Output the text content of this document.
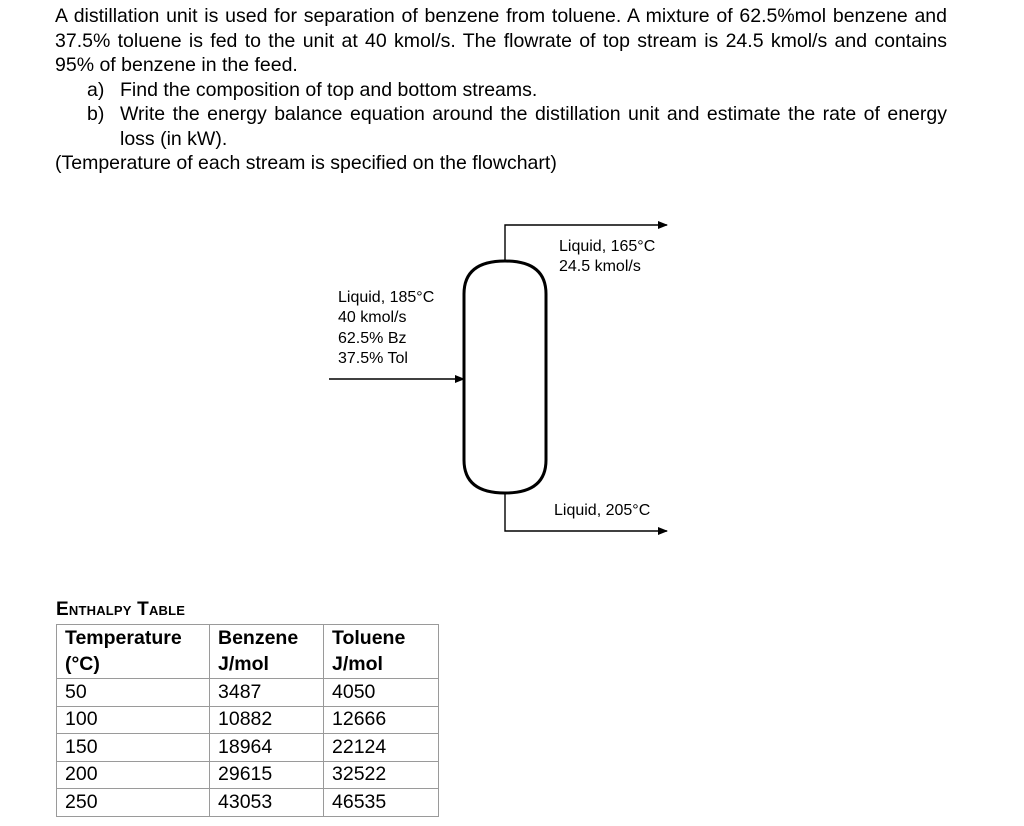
A distillation unit is used for separation of benzene from toluene. A mixture of 62.5%mol benzene and 37.5% toluene is fed to the unit at 40 kmol/s. The flowrate of top stream is 24.5 kmol/s and contains 95% of benzene in the feed.

a) Find the composition of top and bottom streams.
b) Write the energy balance equation around the distillation unit and estimate the rate of energy loss (in kW).

(Temperature of each stream is specified on the flowchart)

Liquid, 185°C
40 kmol/s
62.5% Bz
37.5% Tol
Liquid, 165°C
24.5 kmol/s
Liquid, 205°C
Enthalpy Table
Temperature	Benzene	Toluene
(°C)	J/mol	J/mol
50	3487	4050
100	10882	12666
150	18964	22124
200	29615	32522
250	43053	46535
